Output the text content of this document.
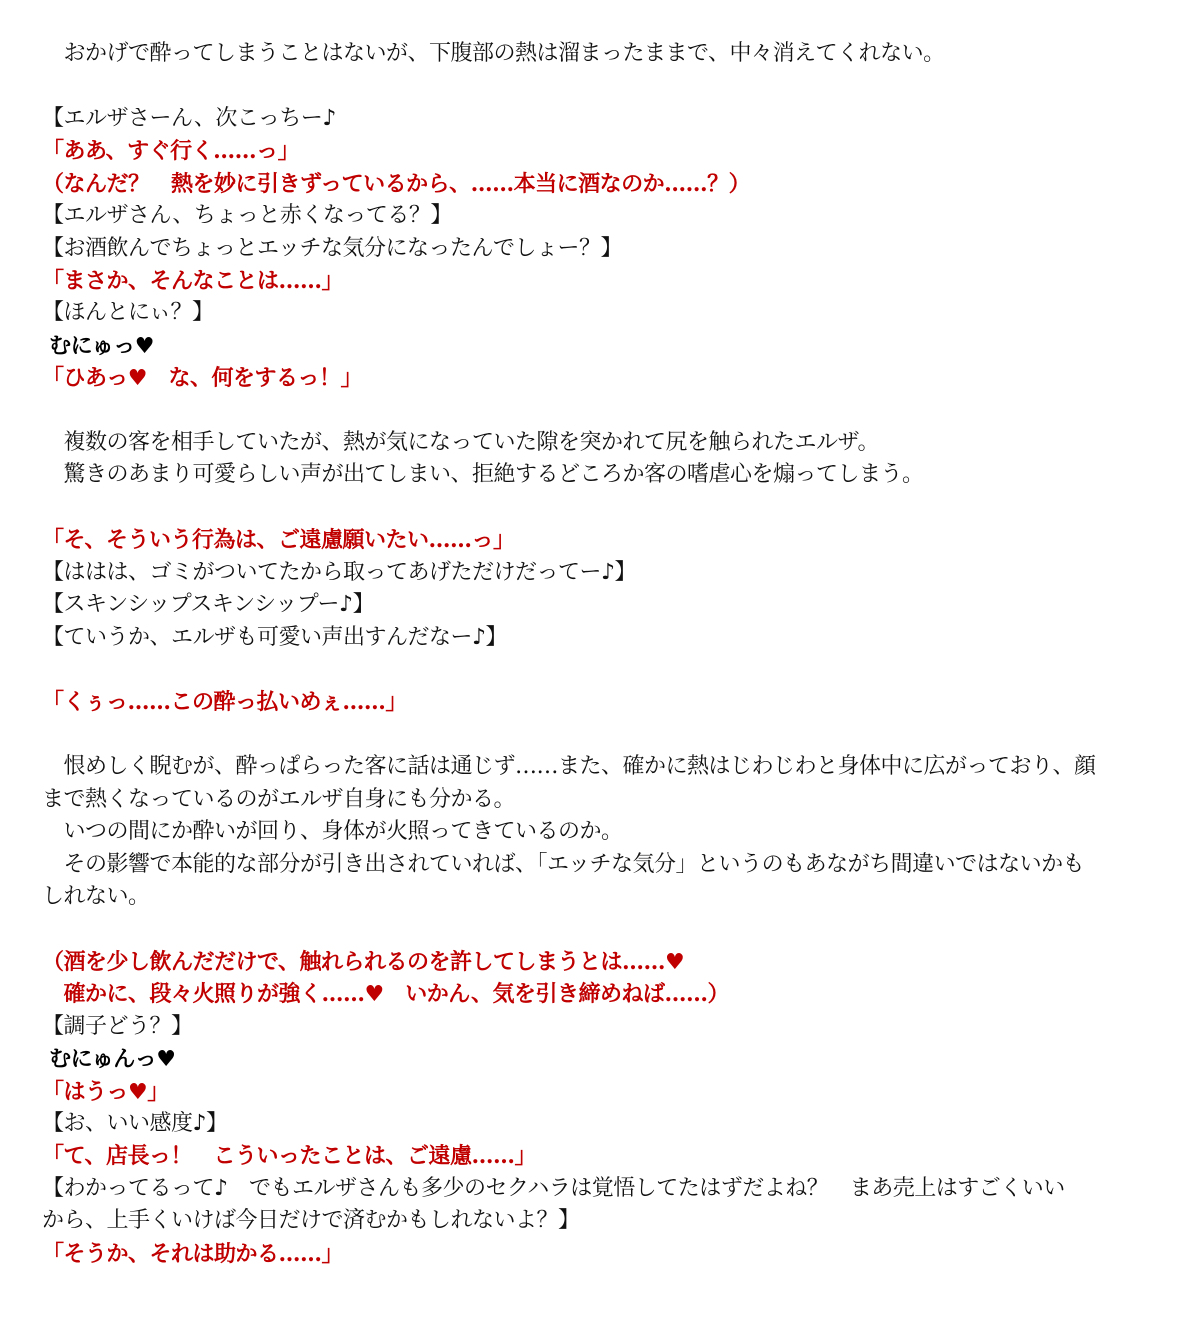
　おかげで酔ってしまうことはないが、下腹部の熱は溜まったままで、中々消えてくれない。
【エルザさーん、次こっちー♪
「ああ、すぐ行く……っ」
（なんだ？　熱を妙に引きずっているから、……本当に酒なのか……？）
【エルザさん、ちょっと赤くなってる？】
【お酒飲んでちょっとエッチな気分になったんでしょー？】
「まさか、そんなことは……」
【ほんとにぃ？】
むにゅっ♥
「ひあっ♥　な、何をするっ！」
　複数の客を相手していたが、熱が気になっていた隙を突かれて尻を触られたエルザ。
　驚きのあまり可愛らしい声が出てしまい、拒絶するどころか客の嗜虐心を煽ってしまう。
「そ、そういう行為は、ご遠慮願いたい……っ」
【ははは、ゴミがついてたから取ってあげただけだってー♪】
【スキンシップスキンシップー♪】
【ていうか、エルザも可愛い声出すんだなー♪】
「くぅっ……この酔っ払いめぇ……」
　恨めしく睨むが、酔っぱらった客に話は通じず……また、確かに熱はじわじわと身体中に広がっており、顔
まで熱くなっているのがエルザ自身にも分かる。
　いつの間にか酔いが回り、身体が火照ってきているのか。
　その影響で本能的な部分が引き出されていれば、「エッチな気分」というのもあながち間違いではないかも
しれない。
（酒を少し飲んだだけで、触れられるのを許してしまうとは……♥
　確かに、段々火照りが強く……♥　いかん、気を引き締めねば……）
【調子どう？】
むにゅんっ♥
「はうっ♥」
【お、いい感度♪】
「て、店長っ！　こういったことは、ご遠慮……」
【わかってるって♪　でもエルザさんも多少のセクハラは覚悟してたはずだよね？　まあ売上はすごくいい
から、上手くいけば今日だけで済むかもしれないよ？】
「そうか、それは助かる……」
